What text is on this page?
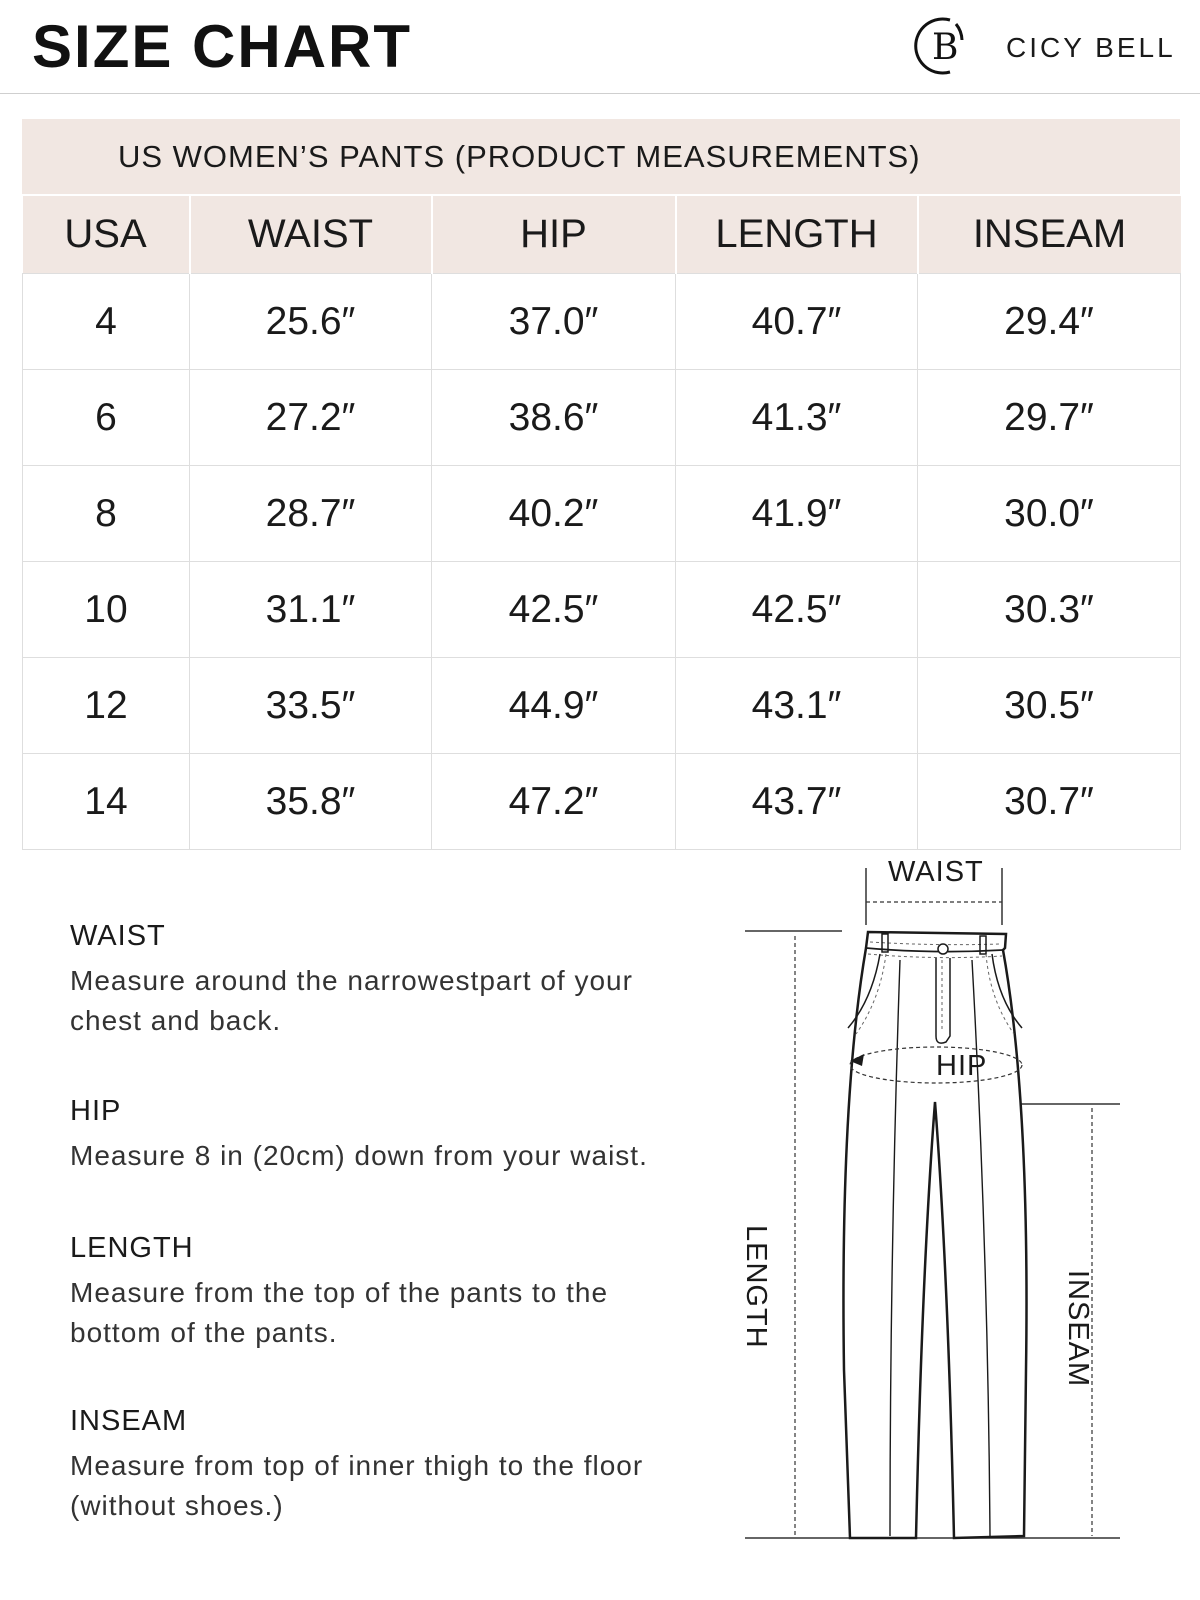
SIZE CHART	B CICY BELL
US WOMEN’S PANTS (PRODUCT MEASUREMENTS)
USA	WAIST	HIP	LENGTH	INSEAM
4	25.6″	37.0″	40.7″	29.4″
6	27.2″	38.6″	41.3″	29.7″
8	28.7″	40.2″	41.9″	30.0″
10	31.1″	42.5″	42.5″	30.3″
12	33.5″	44.9″	43.1″	30.5″
14	35.8″	47.2″	43.7″	30.7″
WAIST
Measure around the narrowestpart of your chest and back.
HIP
Measure 8 in (20cm) down from your waist.
LENGTH
Measure from the top of the pants to the bottom of the pants.
INSEAM
Measure from top of inner thigh to the floor (without shoes.)
WAIST
HIP
LENGTH	INSEAM
